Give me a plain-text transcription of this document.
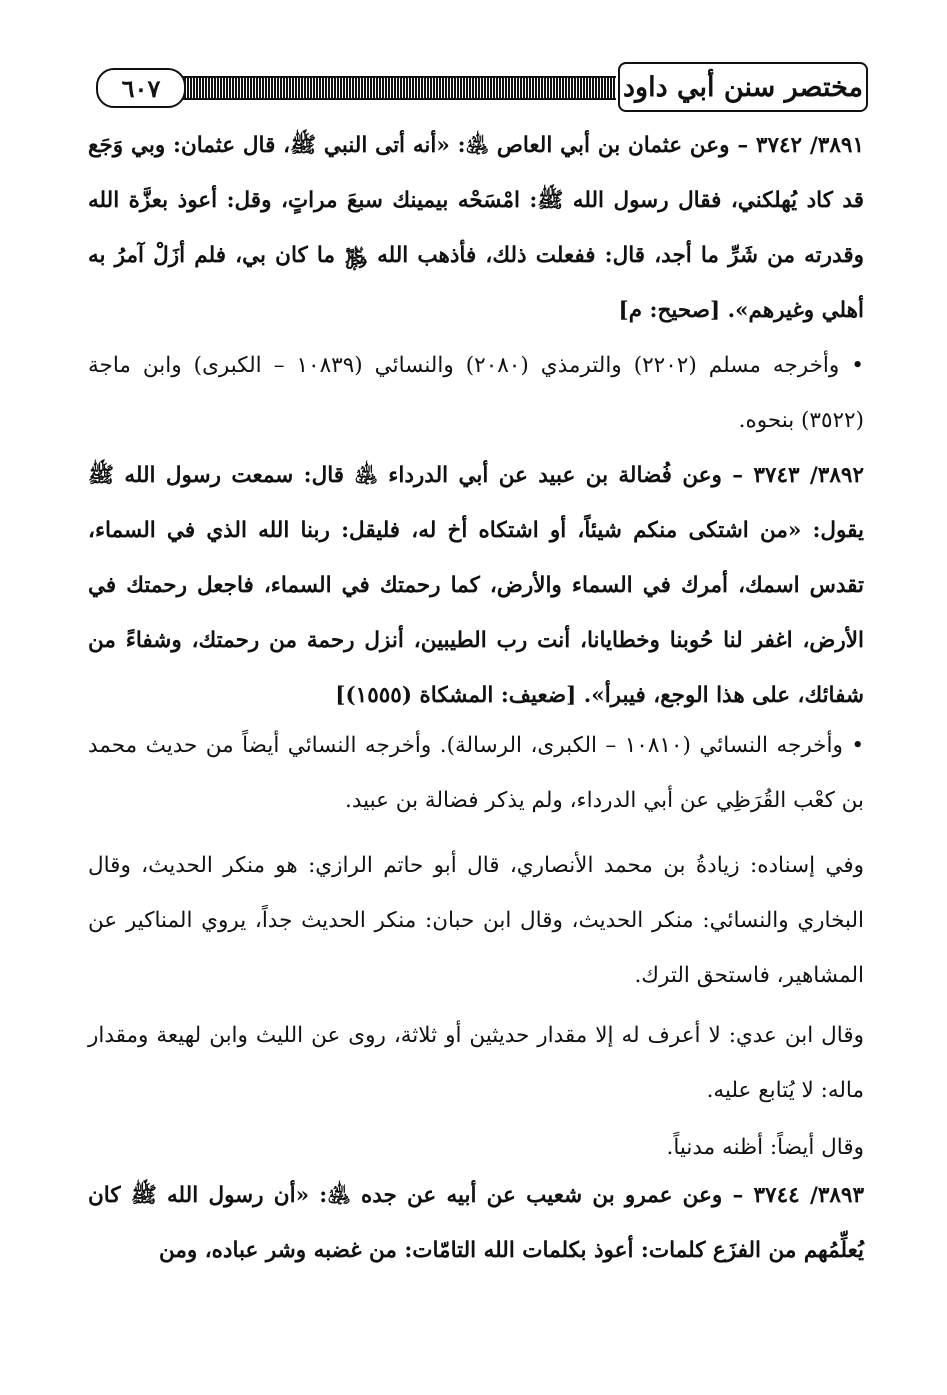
٦٠٧	مختصر سنن أبي داود

٣٨٩١/ ٣٧٤٢ – وعن عثمان بن أبي العاص ﵁: «أنه أتى النبي ﷺ، قال عثمان: وبي وَجَع قد كاد يُهلكني، فقال رسول الله ﷺ: امْسَحْه بيمينك سبعَ مراتٍ، وقل: أعوذ بعزَّة الله وقدرته من شَرِّ ما أجد، قال: ففعلت ذلك، فأذهب الله ﷿ ما كان بي، فلم أزَلْ آمرُ به أهلي وغيرهم». [صحيح: م]

• وأخرجه مسلم (٢٢٠٢) والترمذي (٢٠٨٠) والنسائي (١٠٨٣٩ – الكبرى) وابن ماجة (٣٥٢٢) بنحوه.

٣٨٩٢/ ٣٧٤٣ – وعن فُضالة بن عبيد عن أبي الدرداء ﵁ قال: سمعت رسول الله ﷺ يقول: «من اشتكى منكم شيئاً، أو اشتكاه أخ له، فليقل: ربنا الله الذي في السماء، تقدس اسمك، أمرك في السماء والأرض، كما رحمتك في السماء، فاجعل رحمتك في الأرض، اغفر لنا حُوبنا وخطايانا، أنت رب الطيبين، أنزل رحمة من رحمتك، وشفاءً من شفائك، على هذا الوجع، فيبرأ». [ضعيف: المشكاة (١٥٥٥)]

• وأخرجه النسائي (١٠٨١٠ – الكبرى، الرسالة). وأخرجه النسائي أيضاً من حديث محمد بن كعْب القُرَظِي عن أبي الدرداء، ولم يذكر فضالة بن عبيد.

وفي إسناده: زيادةُ بن محمد الأنصاري، قال أبو حاتم الرازي: هو منكر الحديث، وقال البخاري والنسائي: منكر الحديث، وقال ابن حبان: منكر الحديث جداً، يروي المناكير عن المشاهير، فاستحق الترك.

وقال ابن عدي: لا أعرف له إلا مقدار حديثين أو ثلاثة، روى عن الليث وابن لهيعة ومقدار ماله: لا يُتابع عليه.

وقال أيضاً: أظنه مدنياً.

٣٨٩٣/ ٣٧٤٤ – وعن عمرو بن شعيب عن أبيه عن جده ﵁: «أن رسول الله ﷺ كان يُعلِّمُهم من الفزَع كلمات: أعوذ بكلمات الله التامّات: من غضبه وشر عباده، ومن
